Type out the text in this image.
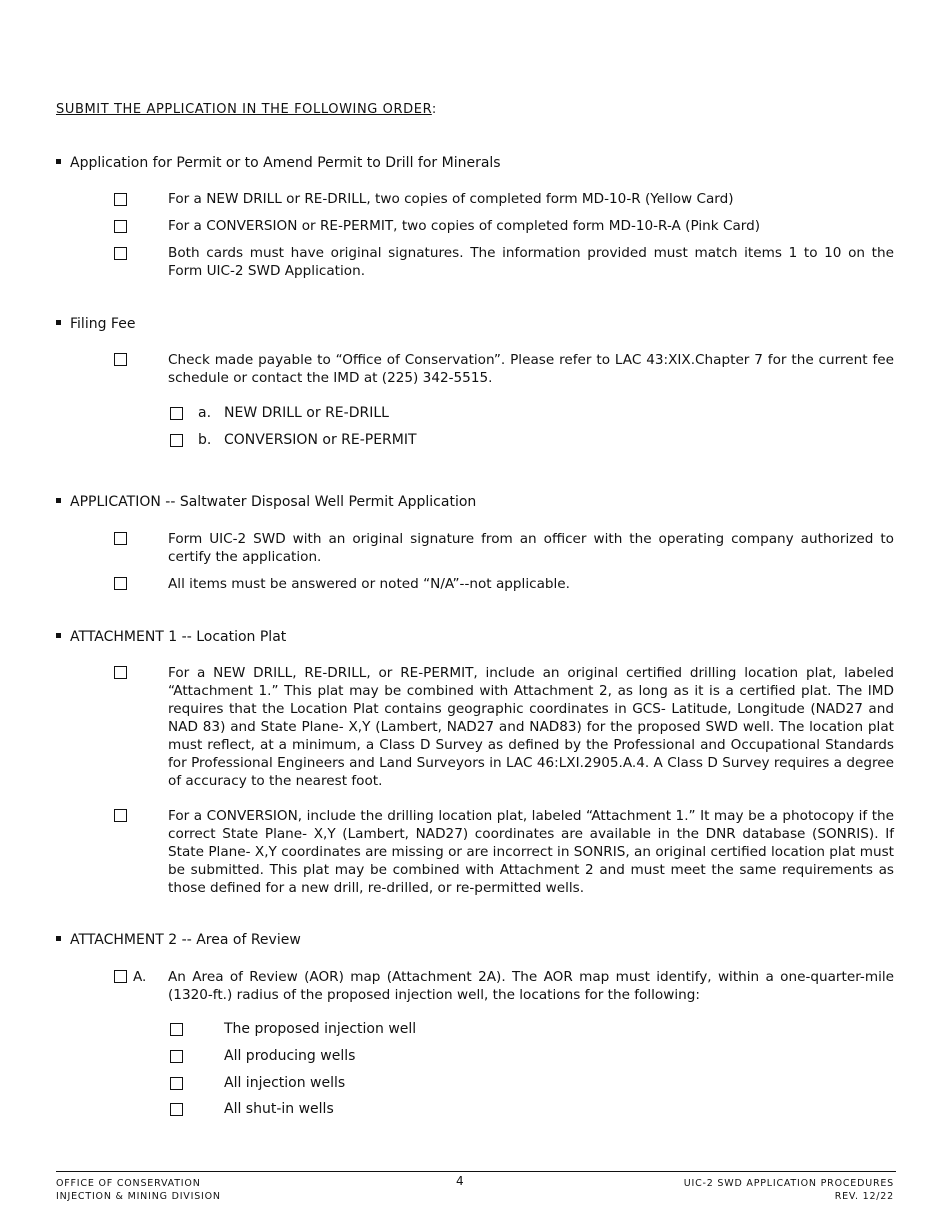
SUBMIT THE APPLICATION IN THE FOLLOWING ORDER:
Application for Permit or to Amend Permit to Drill for Minerals
For a NEW DRILL or RE-DRILL, two copies of completed form MD-10-R (Yellow Card)
For a CONVERSION or RE-PERMIT, two copies of completed form MD-10-R-A (Pink Card)
Both cards must have original signatures. The information provided must match items 1 to 10 on the Form UIC-2 SWD Application.
Filing Fee
Check made payable to “Office of Conservation”. Please refer to LAC 43:XIX.Chapter 7 for the current fee schedule or contact the IMD at (225) 342-5515.
a. NEW DRILL or RE-DRILL
b. CONVERSION or RE-PERMIT
APPLICATION -- Saltwater Disposal Well Permit Application
Form UIC-2 SWD with an original signature from an officer with the operating company authorized to certify the application.
All items must be answered or noted “N/A”--not applicable.
ATTACHMENT 1 -- Location Plat
For a NEW DRILL, RE-DRILL, or RE-PERMIT, include an original certified drilling location plat, labeled “Attachment 1.” This plat may be combined with Attachment 2, as long as it is a certified plat. The IMD requires that the Location Plat contains geographic coordinates in GCS- Latitude, Longitude (NAD27 and NAD 83) and State Plane- X,Y (Lambert, NAD27 and NAD83) for the proposed SWD well. The location plat must reflect, at a minimum, a Class D Survey as defined by the Professional and Occupational Standards for Professional Engineers and Land Surveyors in LAC 46:LXI.2905.A.4. A Class D Survey requires a degree of accuracy to the nearest foot.
For a CONVERSION, include the drilling location plat, labeled “Attachment 1.” It may be a photocopy if the correct State Plane- X,Y (Lambert, NAD27) coordinates are available in the DNR database (SONRIS). If State Plane- X,Y coordinates are missing or are incorrect in SONRIS, an original certified location plat must be submitted. This plat may be combined with Attachment 2 and must meet the same requirements as those defined for a new drill, re-drilled, or re-permitted wells.
ATTACHMENT 2 -- Area of Review
A. An Area of Review (AOR) map (Attachment 2A). The AOR map must identify, within a one-quarter-mile (1320-ft.) radius of the proposed injection well, the locations for the following:
The proposed injection well
All producing wells
All injection wells
All shut-in wells
OFFICE OF CONSERVATION
INJECTION & MINING DIVISION
4	UIC-2 SWD APPLICATION PROCEDURES
REV. 12/22
